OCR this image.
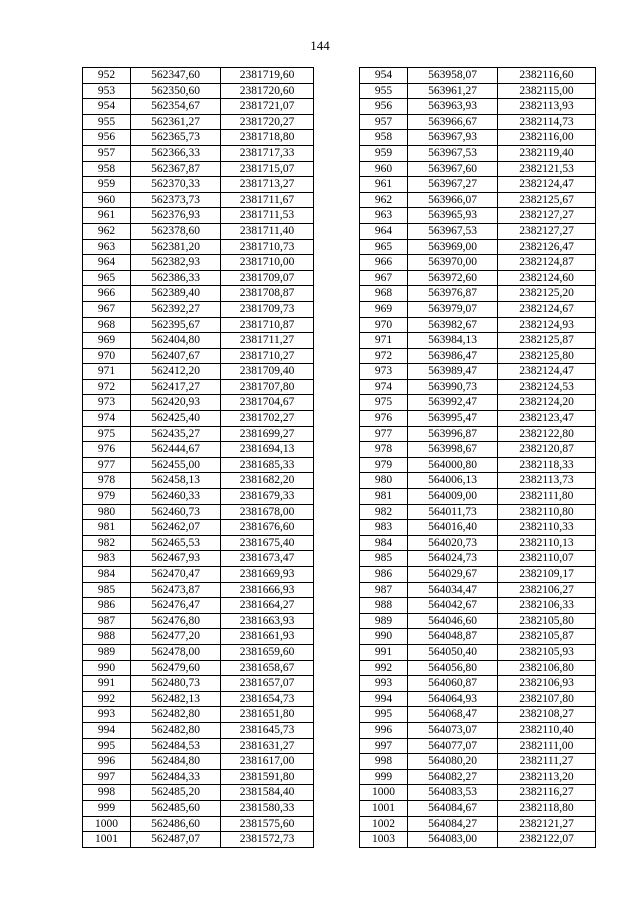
144
952	562347,60	2381719,60		954	563958,07	2382116,60
953	562350,60	2381720,60		955	563961,27	2382115,00
954	562354,67	2381721,07		956	563963,93	2382113,93
955	562361,27	2381720,27		957	563966,67	2382114,73
956	562365,73	2381718,80		958	563967,93	2382116,00
957	562366,33	2381717,33		959	563967,53	2382119,40
958	562367,87	2381715,07		960	563967,60	2382121,53
959	562370,33	2381713,27		961	563967,27	2382124,47
960	562373,73	2381711,67		962	563966,07	2382125,67
961	562376,93	2381711,53		963	563965,93	2382127,27
962	562378,60	2381711,40		964	563967,53	2382127,27
963	562381,20	2381710,73		965	563969,00	2382126,47
964	562382,93	2381710,00		966	563970,00	2382124,87
965	562386,33	2381709,07		967	563972,60	2382124,60
966	562389,40	2381708,87		968	563976,87	2382125,20
967	562392,27	2381709,73		969	563979,07	2382124,67
968	562395,67	2381710,87		970	563982,67	2382124,93
969	562404,80	2381711,27		971	563984,13	2382125,87
970	562407,67	2381710,27		972	563986,47	2382125,80
971	562412,20	2381709,40		973	563989,47	2382124,47
972	562417,27	2381707,80		974	563990,73	2382124,53
973	562420,93	2381704,67		975	563992,47	2382124,20
974	562425,40	2381702,27		976	563995,47	2382123,47
975	562435,27	2381699,27		977	563996,87	2382122,80
976	562444,67	2381694,13		978	563998,67	2382120,87
977	562455,00	2381685,33		979	564000,80	2382118,33
978	562458,13	2381682,20		980	564006,13	2382113,73
979	562460,33	2381679,33		981	564009,00	2382111,80
980	562460,73	2381678,00		982	564011,73	2382110,80
981	562462,07	2381676,60		983	564016,40	2382110,33
982	562465,53	2381675,40		984	564020,73	2382110,13
983	562467,93	2381673,47		985	564024,73	2382110,07
984	562470,47	2381669,93		986	564029,67	2382109,17
985	562473,87	2381666,93		987	564034,47	2382106,27
986	562476,47	2381664,27		988	564042,67	2382106,33
987	562476,80	2381663,93		989	564046,60	2382105,80
988	562477,20	2381661,93		990	564048,87	2382105,87
989	562478,00	2381659,60		991	564050,40	2382105,93
990	562479,60	2381658,67		992	564056,80	2382106,80
991	562480,73	2381657,07		993	564060,87	2382106,93
992	562482,13	2381654,73		994	564064,93	2382107,80
993	562482,80	2381651,80		995	564068,47	2382108,27
994	562482,80	2381645,73		996	564073,07	2382110,40
995	562484,53	2381631,27		997	564077,07	2382111,00
996	562484,80	2381617,00		998	564080,20	2382111,27
997	562484,33	2381591,80		999	564082,27	2382113,20
998	562485,20	2381584,40		1000	564083,53	2382116,27
999	562485,60	2381580,33		1001	564084,67	2382118,80
1000	562486,60	2381575,60		1002	564084,27	2382121,27
1001	562487,07	2381572,73		1003	564083,00	2382122,07
